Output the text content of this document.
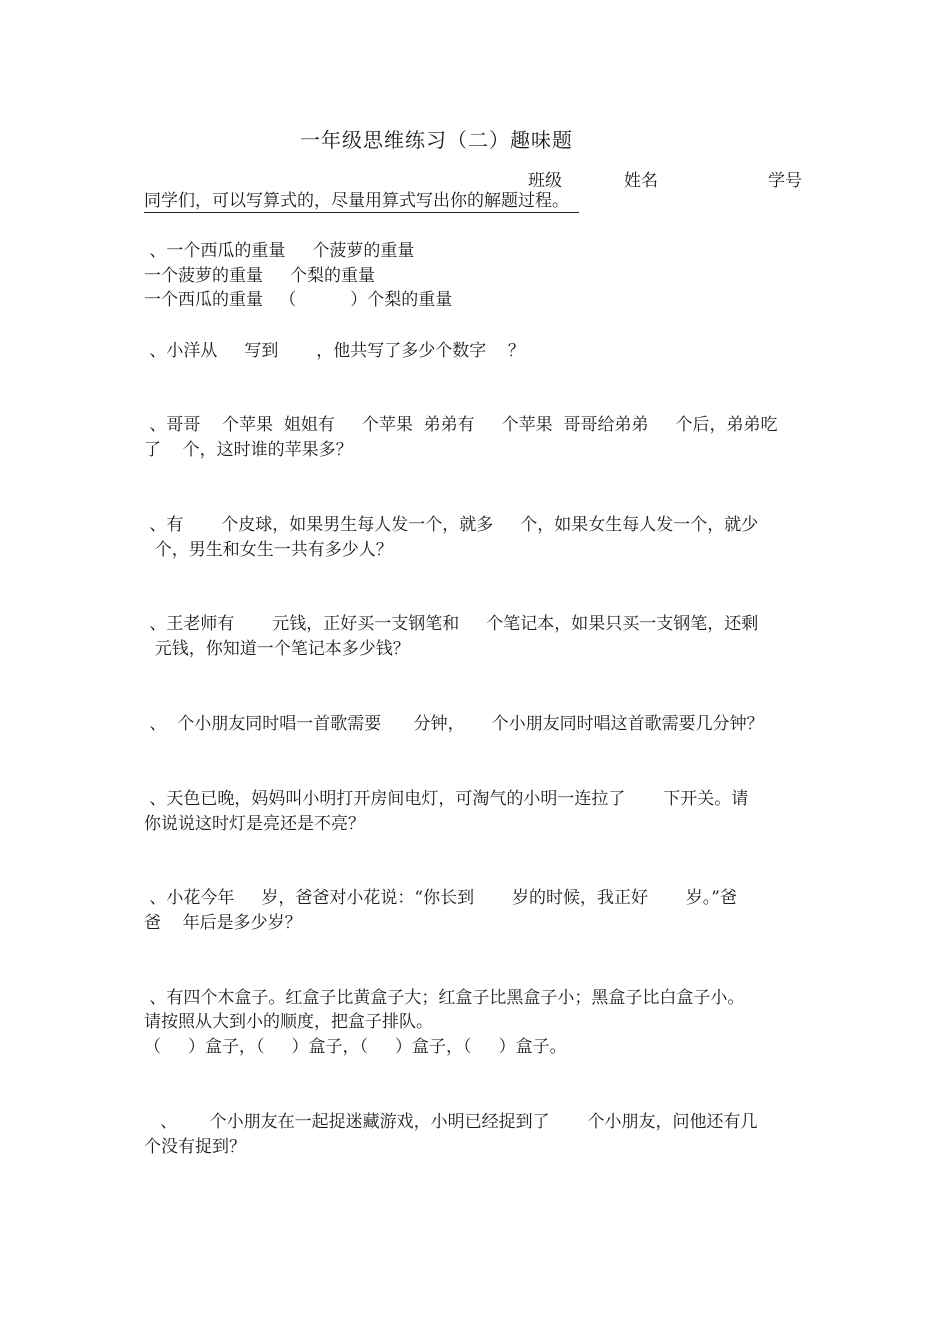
一年级思维练习（二）趣味题
班级	姓名	学号
同学们，可以写算式的，尽量用算式写出你的解题过程。
、一个西瓜的重量     个菠萝的重量
一个菠萝的重量     个梨的重量
一个西瓜的重量   （          ）个梨的重量
、小洋从     写到       ，他共写了多少个数字    ？
、哥哥    个苹果  姐姐有     个苹果  弟弟有     个苹果  哥哥给弟弟     个后，弟弟吃
了    个，这时谁的苹果多？
、有       个皮球，如果男生每人发一个，就多     个，如果女生每人发一个，就少
个，男生和女生一共有多少人？
、王老师有       元钱，正好买一支钢笔和     个笔记本，如果只买一支钢笔，还剩
元钱，你知道一个笔记本多少钱？
、  个小朋友同时唱一首歌需要      分钟，     个小朋友同时唱这首歌需要几分钟？
、天色已晚，妈妈叫小明打开房间电灯，可淘气的小明一连拉了       下开关。请
你说说这时灯是亮还是不亮？
、小花今年     岁，爸爸对小花说：“你长到       岁的时候，我正好       岁。”爸
爸    年后是多少岁？
、有四个木盒子。红盒子比黄盒子大；红盒子比黑盒子小；黑盒子比白盒子小。
请按照从大到小的顺度，把盒子排队。
（     ）盒子，（     ）盒子，（     ）盒子，（     ）盒子。
、      个小朋友在一起捉迷藏游戏，小明已经捉到了       个小朋友，问他还有几
个没有捉到？
